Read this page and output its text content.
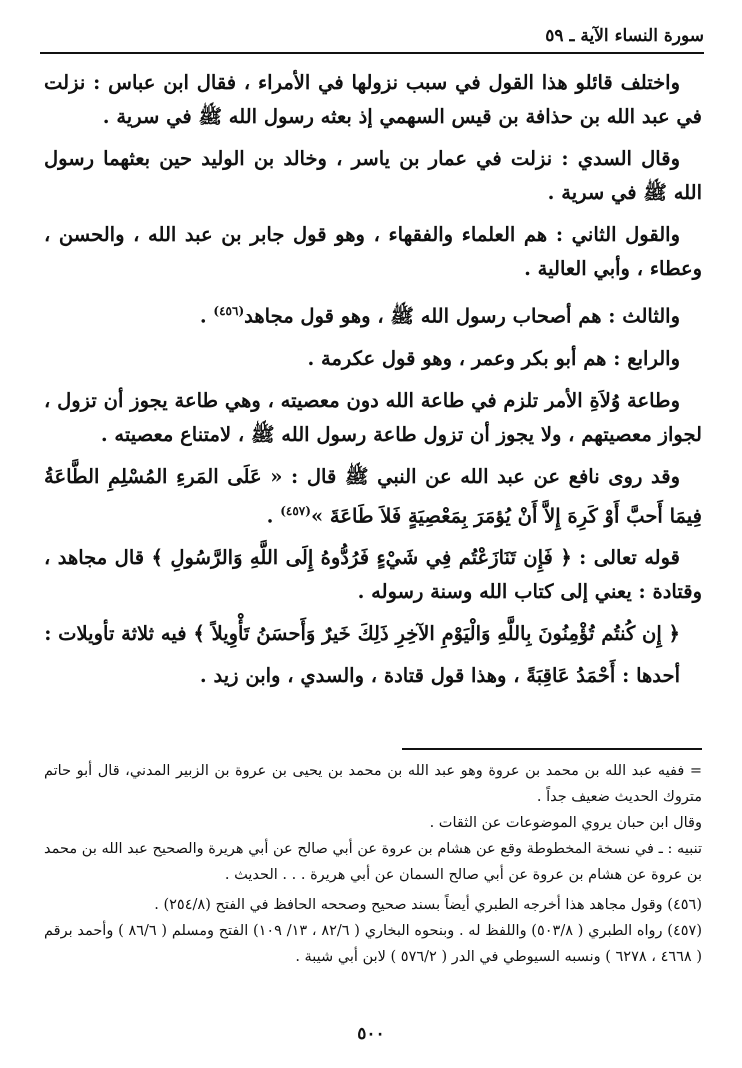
سورة النساء الآية ـ ٥٩

واختلف قائلو هذا القول في سبب نزولها في الأمراء ، فقال ابن عباس : نزلت في عبد الله بن حذافة بن قيس السهمي إذ بعثه رسول الله ﷺ في سرية .

وقال السدي : نزلت في عمار بن ياسر ، وخالد بن الوليد حين بعثهما رسول الله ﷺ في سرية .

والقول الثاني : هم العلماء والفقهاء ، وهو قول جابر بن عبد الله ، والحسن ، وعطاء ، وأبي العالية .

والثالث : هم أصحاب رسول الله ﷺ ، وهو قول مجاهد$^{(٤٥٦)}$ .

والرابع : هم أبو بكر وعمر ، وهو قول عكرمة .

وطاعة وُلاَةِ الأمر تلزم في طاعة الله دون معصيته ، وهي طاعة يجوز أن تزول ، لجواز معصيتهم ، ولا يجوز أن تزول طاعة رسول الله ﷺ ، لامتناع معصيته .

وقد روى نافع عن عبد الله عن النبي ﷺ قال : « عَلَى المَرءِ المُسْلِمِ الطَّاعَةُ فِيمَا أَحبَّ أَوْ كَرِهَ إِلاَّ أَنْ يُؤمَرَ بِمَعْصِيَةٍ فَلاَ طَاعَةَ »$^{(٤٥٧)}$ .

قوله تعالى : ﴿ فَإِن تَنَازَعْتُم فِي شَيْءٍ فَرُدُّوهُ إِلَى اللَّهِ وَالرَّسُولِ ﴾ قال مجاهد ، وقتادة : يعني إلى كتاب الله وسنة رسوله .

﴿ إِن كُنتُم تُؤْمِنُونَ بِاللَّهِ وَالْيَوْمِ الآخِرِ ذَلِكَ خَيرٌ وَأَحسَنُ تَأْوِيلاً ﴾ فيه ثلاثة تأويلات :

أحدها : أَحْمَدُ عَاقِبَةً ، وهذا قول قتادة ، والسدي ، وابن زيد .

= ففيه عبد الله بن محمد بن عروة وهو عبد الله بن محمد بن يحيى بن عروة بن الزبير المدني، قال أبو حاتم متروك الحديث ضعيف جداً .

وقال ابن حبان يروي الموضوعات عن الثقات .

تنبيه : ـ في نسخة المخطوطة وقع عن هشام بن عروة عن أبي صالح عن أبي هريرة والصحيح عبد الله بن محمد بن عروة عن هشام بن عروة عن أبي صالح السمان عن أبي هريرة . . . الحديث .

(٤٥٦) وقول مجاهد هذا أخرجه الطبري أيضاً بسند صحيح وصححه الحافظ في الفتح (٢٥٤/٨) .

(٤٥٧) رواه الطبري ( ٥٠٣/٨) واللفظ له . وبنحوه البخاري ( ٨٢/٦ ، ١٣/ ١٠٩) الفتح ومسلم ( ٨٦/٦ ) وأحمد برقم ( ٤٦٦٨ ، ٦٢٧٨ ) ونسبه السيوطي في الدر ( ٥٧٦/٢ ) لابن أبي شيبة .

٥٠٠
